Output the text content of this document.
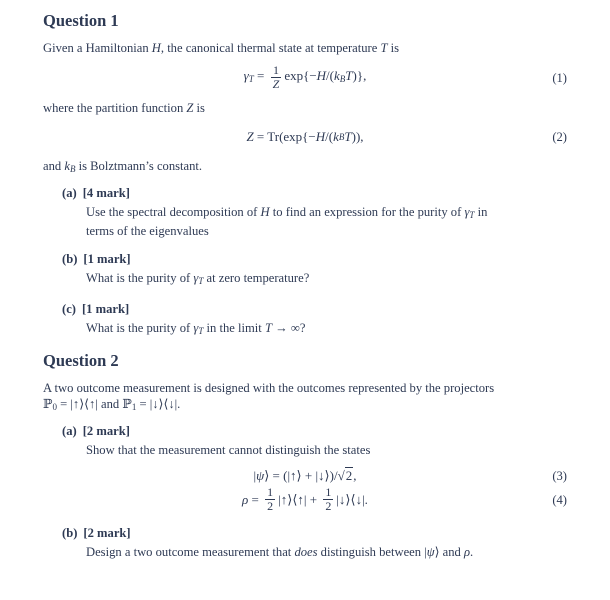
Question 1

Given a Hamiltonian H, the canonical thermal state at temperature T is

$\gamma T = \frac{1}{Z} \exp\{-H/(kBT)\}$,	(1)

where the partition function Z is

Z = Tr(exp{− H /( k B T )),	(2)

and kB is Bolztmann’s constant.

(a) [4 mark]
Use the spectral decomposition of H to find an expression for the purity of γT in
terms of the eigenvalues
(b) [1 mark]
What is the purity of γT at zero temperature?
(c) [1 mark]
What is the purity of γT in the limit T → ∞?
Question 2
A two outcome measurement is designed with the outcomes represented by the projectors
ℙ0 = |↑⟩⟨↑| and ℙ1 = |↓⟩⟨↓|.
(a) [2 mark]
Show that the measurement cannot distinguish the states
| ψ ⟩ = (|↑⟩ + |↓⟩)/ √ 2 ,	(3)
$\rho = \frac{1}{2}$ |↑⟩⟨↑| + $\frac{1}{2}$ |↓⟩⟨↓|.	(4)
(b) [2 mark]
Design a two outcome measurement that does distinguish between |ψ⟩ and ρ.
